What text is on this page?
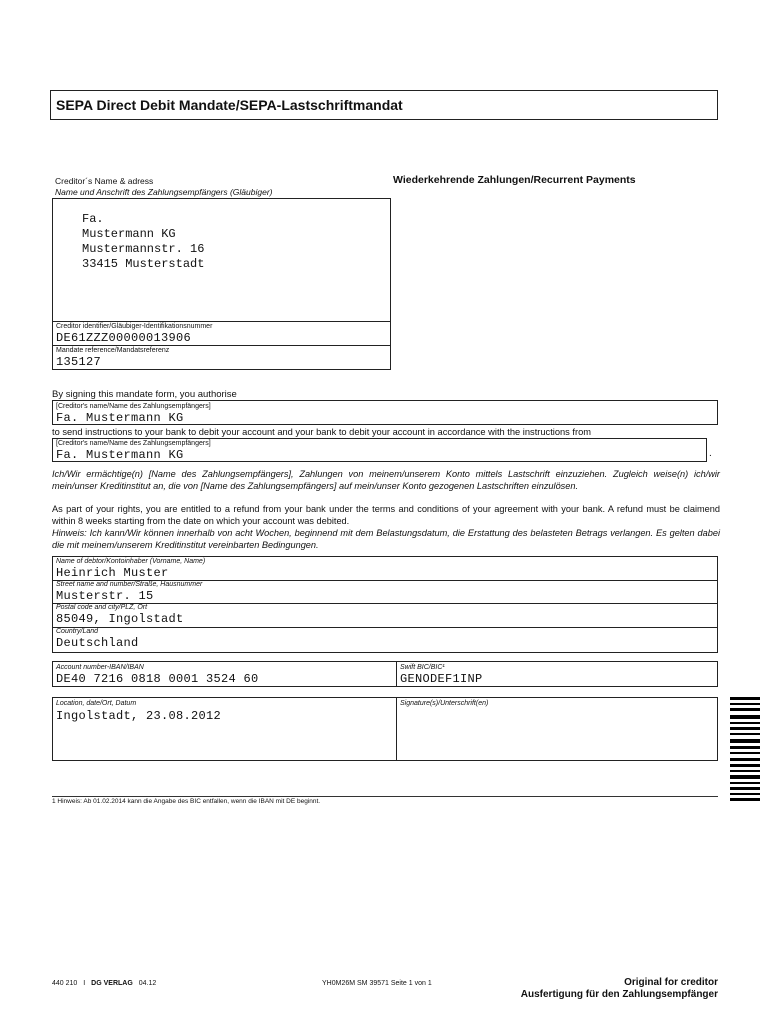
SEPA Direct Debit Mandate/SEPA-Lastschriftmandat
Creditor´s Name & adress
Name und Anschrift des Zahlungsempfängers (Gläubiger)
Wiederkehrende Zahlungen/Recurrent Payments
Fa.
Mustermann KG
Mustermannstr. 16
33415 Musterstadt
Creditor identifier/Gläubiger-Identifikationsnummer
DE61ZZZ00000013906
Mandate reference/Mandatsreferenz
135127
By signing this mandate form, you authorise
[Creditor's name/Name des Zahlungsempfängers]
Fa. Mustermann KG
to send instructions to your bank to debit your account and your bank to debit your account in accordance with the instructions from
[Creditor's name/Name des Zahlungsempfängers]
Fa. Mustermann KG	.
Ich/Wir ermächtige(n) [Name des Zahlungsempfängers], Zahlungen von meinem/unserem Konto mittels Lastschrift einzuziehen. Zugleich weise(n) ich/wir mein/unser Kreditinstitut an, die von [Name des Zahlungsempfängers] auf mein/unser Konto gezogenen Lastschriften einzulösen.
As part of your rights, you are entitled to a refund from your bank under the terms and conditions of your agreement with your bank. A refund must be claimend within 8 weeks starting from the date on which your account was debited.
Hinweis: Ich kann/Wir können innerhalb von acht Wochen, beginnend mit dem Belastungsdatum, die Erstattung des belasteten Betrags verlangen. Es gelten dabei die mit meinem/unserem Kreditinstitut vereinbarten Bedingungen.
Name of debtor/Kontoinhaber (Vorname, Name)
Heinrich Muster
Street name and number/Straße, Hausnummer
Musterstr. 15
Postal code and city/PLZ, Ort
85049, Ingolstadt
Country/Land
Deutschland
Account number-IBAN/IBAN
DE40 7216 0818 0001 3524 60
Swift BIC/BIC¹
GENODEF1INP
Location, date/Ort, Datum
Ingolstadt, 23.08.2012
Signature(s)/Unterschrift(en)
1 Hinweis: Ab 01.02.2014 kann die Angabe des BIC entfallen, wenn die IBAN mit DE beginnt.
440 210 I DG VERLAG 04.12	YH0M26M SM 39571 Seite 1 von 1	Original for creditor
Ausfertigung für den Zahlungsempfänger
